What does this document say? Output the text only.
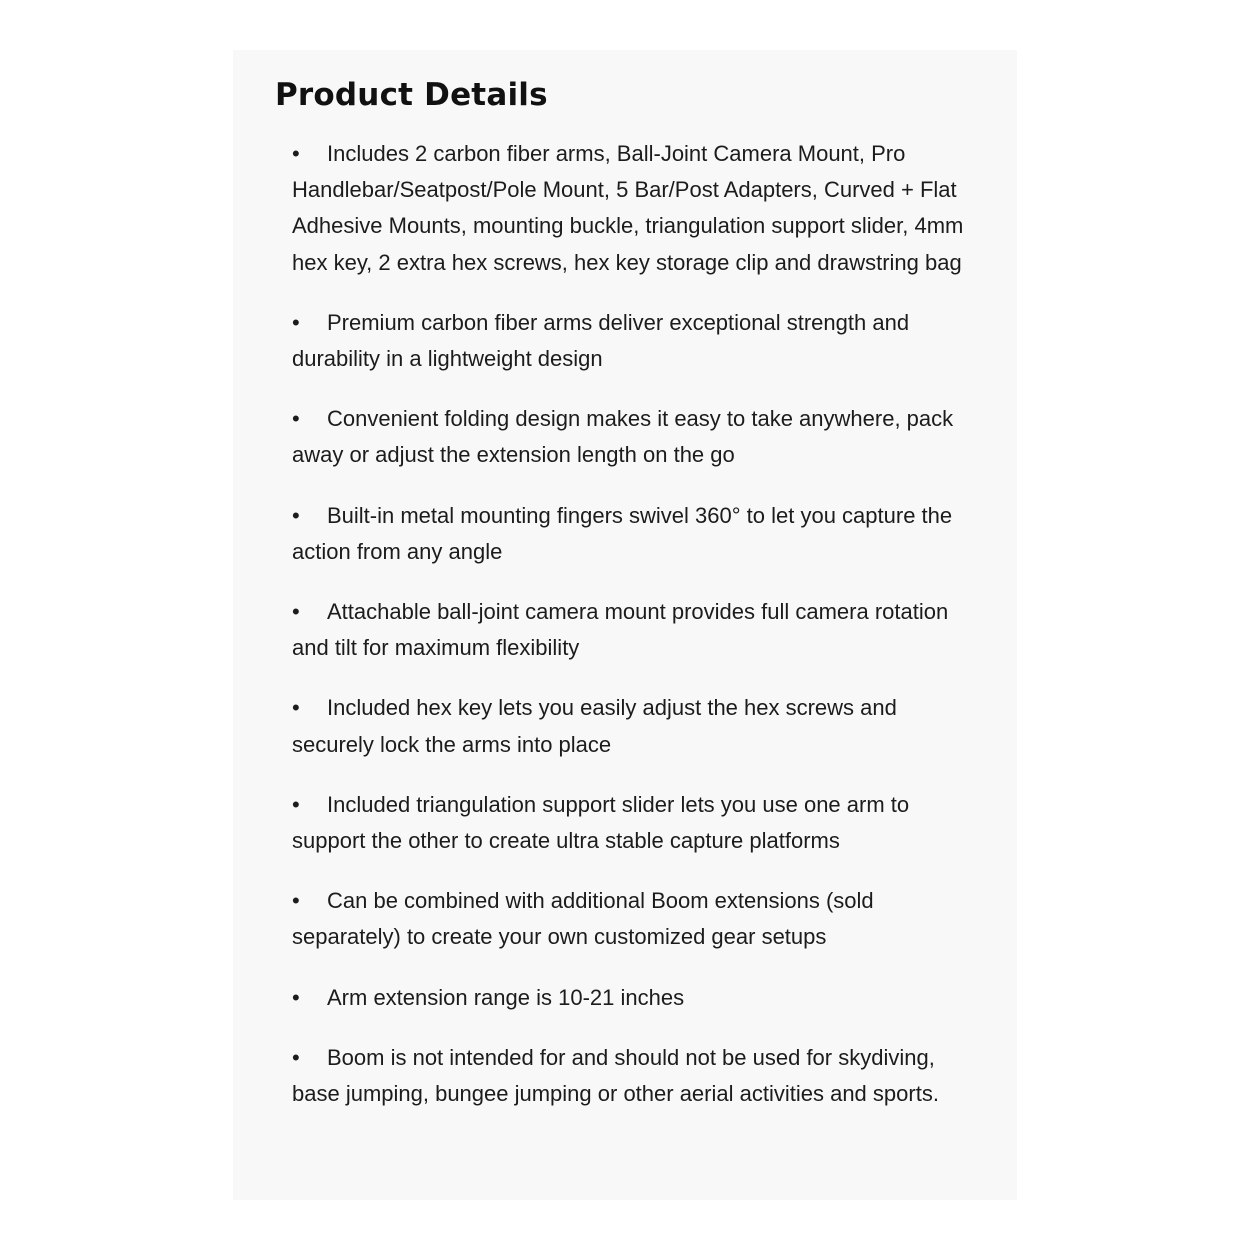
Product Details
• Includes 2 carbon fiber arms, Ball-Joint Camera Mount, Pro Handlebar/Seatpost/Pole Mount, 5 Bar/Post Adapters, Curved + Flat Adhesive Mounts, mounting buckle, triangulation support slider, 4mm hex key, 2 extra hex screws, hex key storage clip and drawstring bag
• Premium carbon fiber arms deliver exceptional strength and durability in a lightweight design
• Convenient folding design makes it easy to take anywhere, pack away or adjust the extension length on the go
• Built-in metal mounting fingers swivel 360° to let you capture the action from any angle
• Attachable ball-joint camera mount provides full camera rotation and tilt for maximum flexibility
• Included hex key lets you easily adjust the hex screws and securely lock the arms into place
• Included triangulation support slider lets you use one arm to support the other to create ultra stable capture platforms
• Can be combined with additional Boom extensions (sold separately) to create your own customized gear setups
• Arm extension range is 10-21 inches
• Boom is not intended for and should not be used for skydiving, base jumping, bungee jumping or other aerial activities and sports.
